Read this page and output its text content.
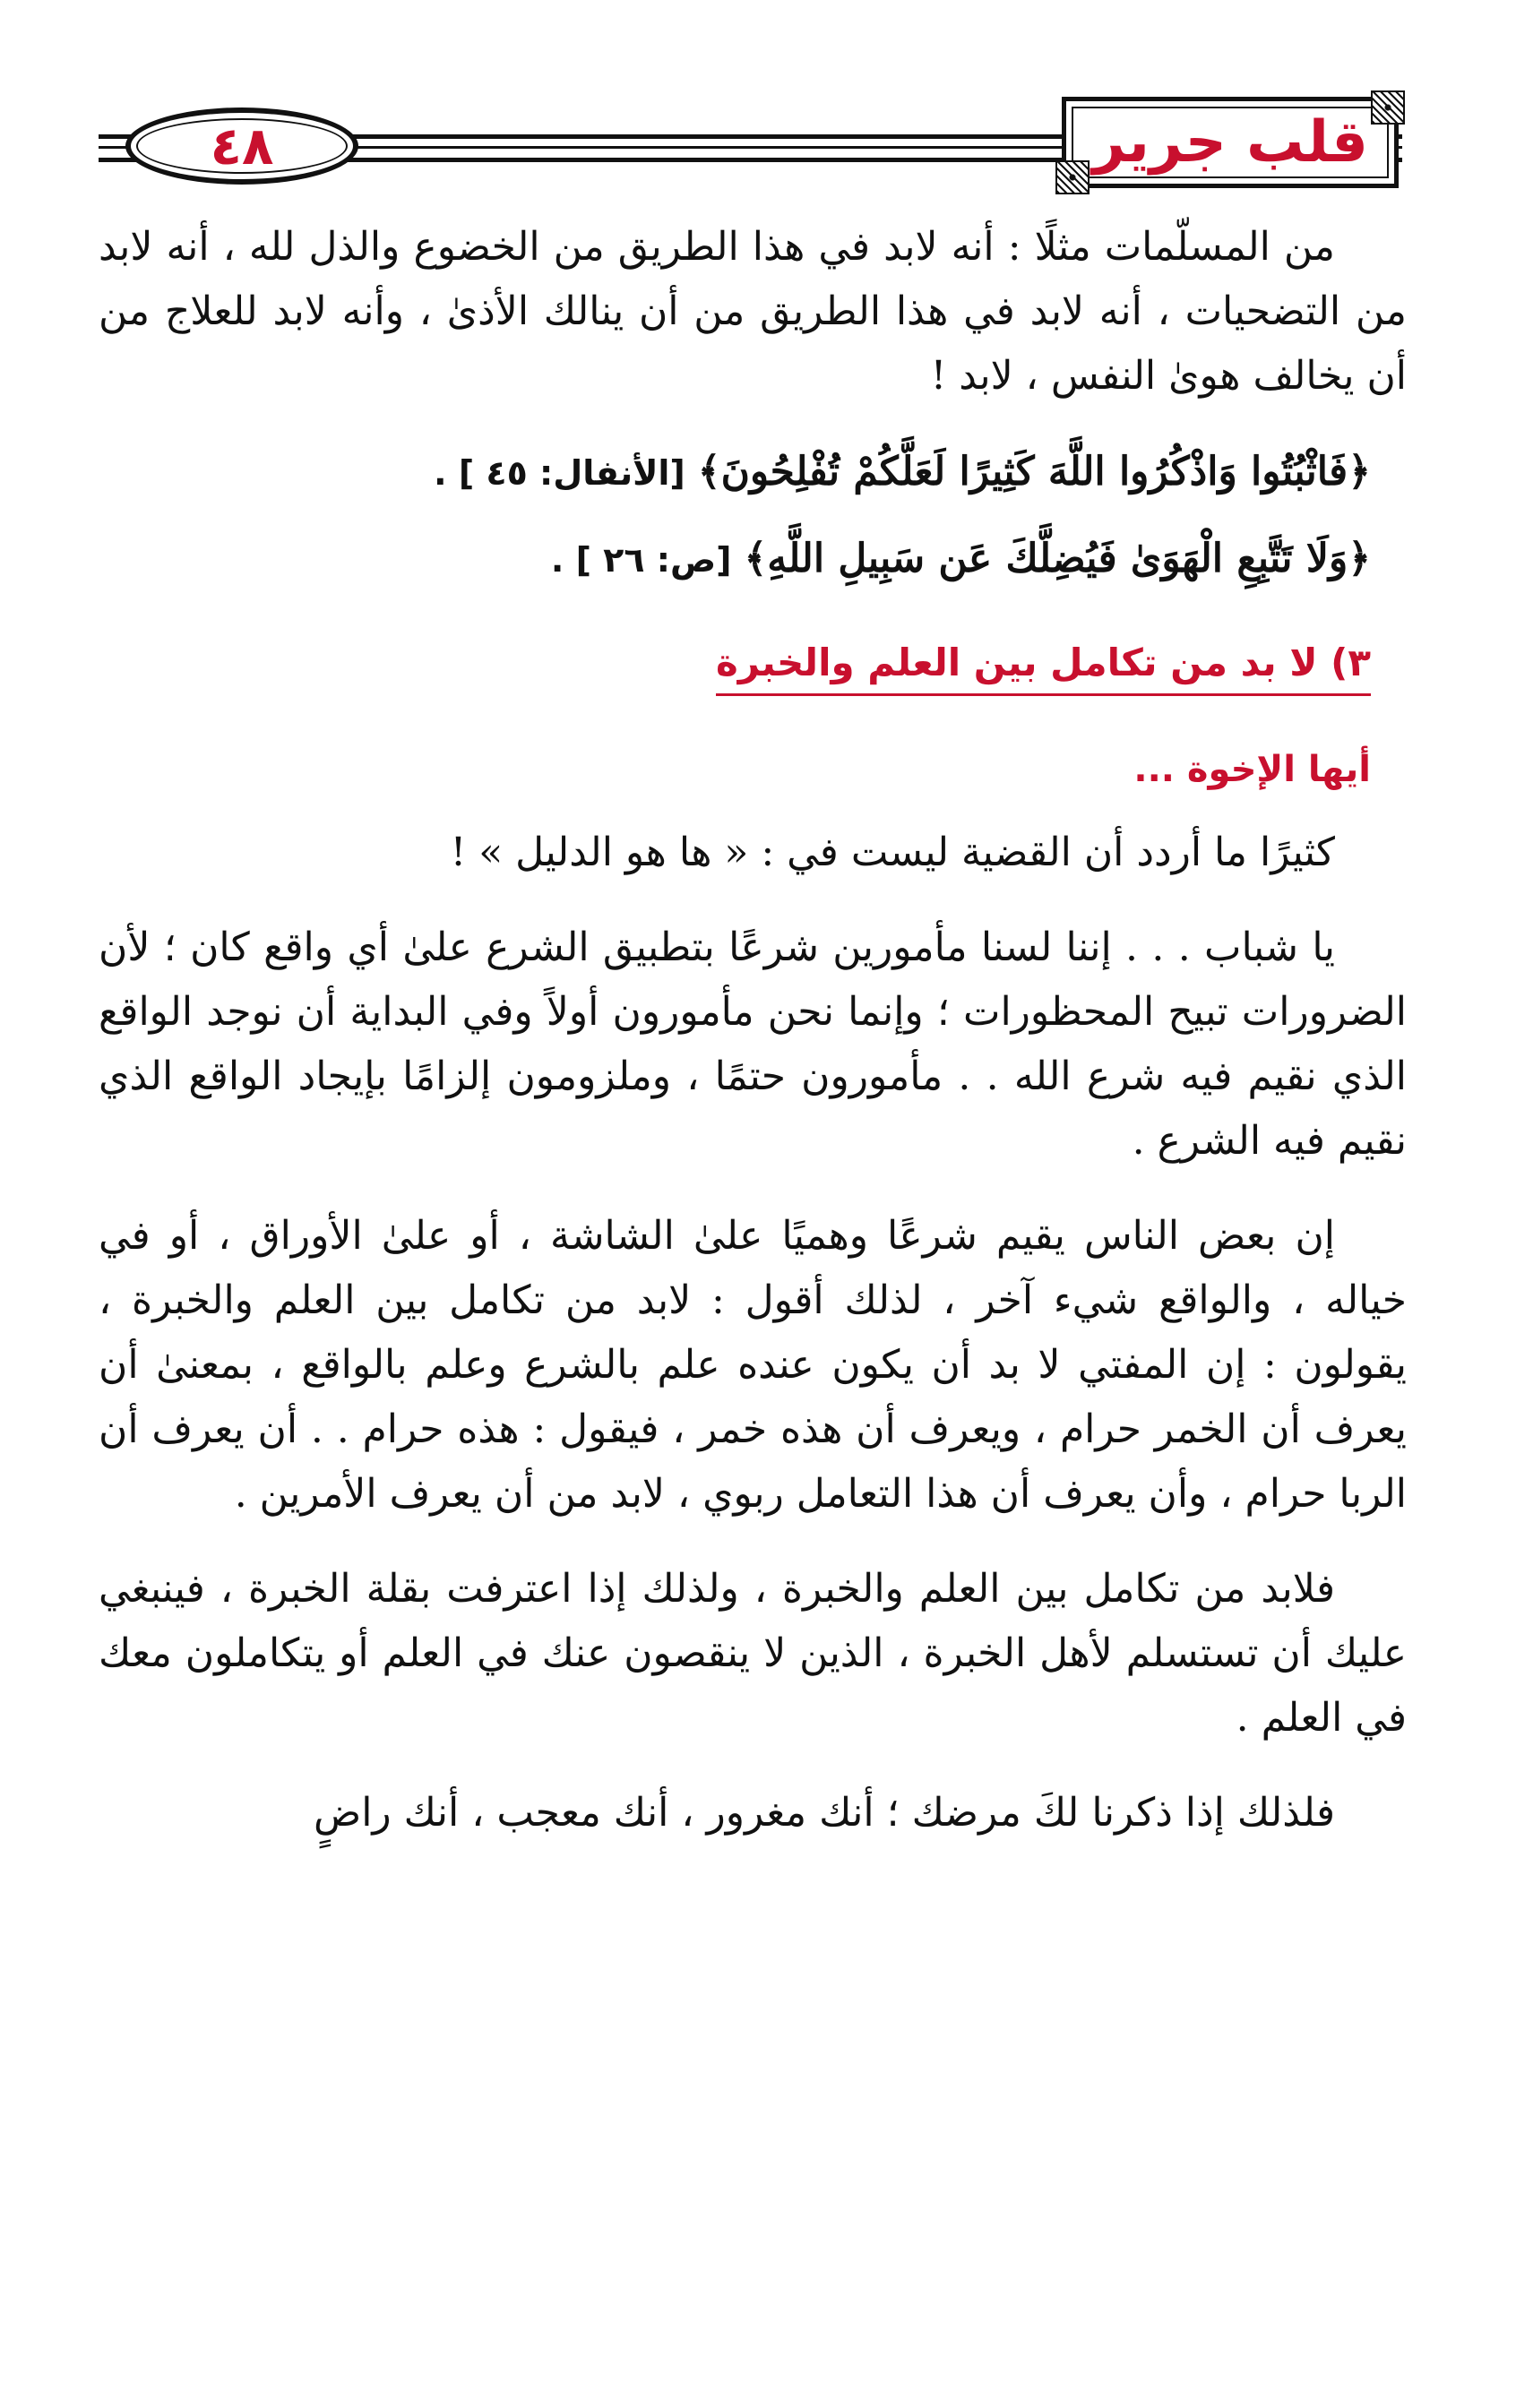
قلب جرير
٤٨

من المسلّمات مثلًا : أنه لابد في هذا الطريق من الخضوع والذل لله ، أنه لابد من التضحيات ، أنه لابد في هذا الطريق من أن ينالك الأذىٰ ، وأنه لابد للعلاج من أن يخالف هوىٰ النفس ، لابد !

﴿فَاثْبُتُوا وَاذْكُرُوا اللَّهَ كَثِيرًا لَعَلَّكُمْ تُفْلِحُونَ﴾ [الأنفال: ٤٥ ] .
﴿وَلَا تَتَّبِعِ الْهَوَىٰ فَيُضِلَّكَ عَن سَبِيلِ اللَّهِ﴾ [ص: ٢٦ ] .
٣) لا بد من تكامل بين العلم والخبرة
أيها الإخوة ...

كثيرًا ما أردد أن القضية ليست في : « ها هو الدليل » !

يا شباب . . . إننا لسنا مأمورين شرعًا بتطبيق الشرع علىٰ أي واقع كان ؛ لأن الضرورات تبيح المحظورات ؛ وإنما نحن مأمورون أولاً وفي البداية أن نوجد الواقع الذي نقيم فيه شرع الله . . مأمورون حتمًا ، وملزومون إلزامًا بإيجاد الواقع الذي نقيم فيه الشرع .

إن بعض الناس يقيم شرعًا وهميًا علىٰ الشاشة ، أو علىٰ الأوراق ، أو في خياله ، والواقع شيء آخر ، لذلك أقول : لابد من تكامل بين العلم والخبرة ، يقولون : إن المفتي لا بد أن يكون عنده علم بالشرع وعلم بالواقع ، بمعنىٰ أن يعرف أن الخمر حرام ، ويعرف أن هذه خمر ، فيقول : هذه حرام . . أن يعرف أن الربا حرام ، وأن يعرف أن هذا التعامل ربوي ، لابد من أن يعرف الأمرين .

فلابد من تكامل بين العلم والخبرة ، ولذلك إذا اعترفت بقلة الخبرة ، فينبغي عليك أن تستسلم لأهل الخبرة ، الذين لا ينقصون عنك في العلم أو يتكاملون معك في العلم .

فلذلك إذا ذكرنا لكَ مرضك ؛ أنك مغرور ، أنك معجب ، أنك راضٍ
